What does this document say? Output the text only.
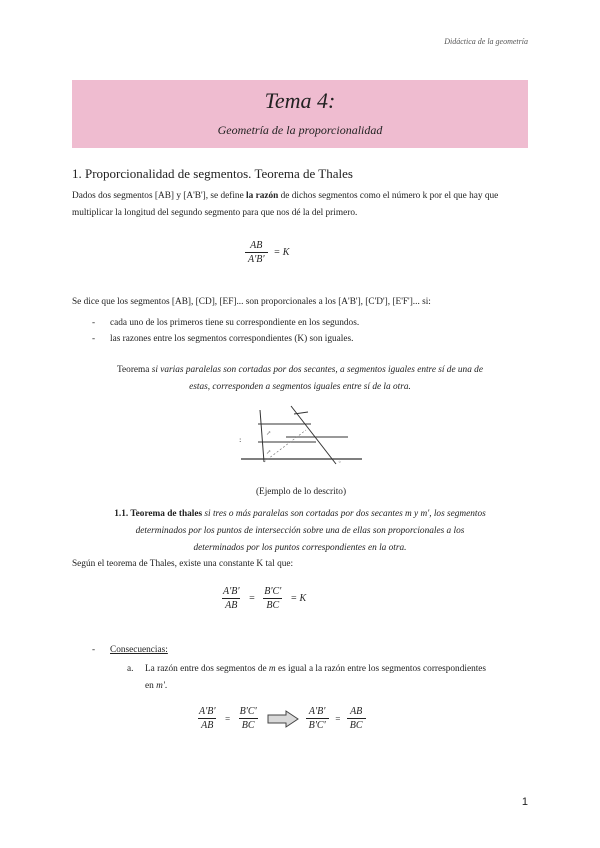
Didáctica de la geometría
Tema 4:
Geometría de la proporcionalidad
1. Proporcionalidad de segmentos. Teorema de Thales
Dados dos segmentos [AB] y [A'B'], se define la razón de dichos segmentos como el número k por el que hay que multiplicar la longitud del segundo segmento para que nos dé la del primero.
$\frac{AB}{A'B'} = K$
Se dice que los segmentos [AB], [CD], [EF]... son proporcionales a los [A'B'], [C'D'], [E'F']... si:
-	cada uno de los primeros tiene su correspondiente en los segundos.
-	las razones entre los segmentos correspondientes (K) son iguales.
Teorema si varias paralelas son cortadas por dos secantes, a segmentos iguales entre sí de una de
estas, corresponden a segmentos iguales entre sí de la otra.
:
↗
↗
◦
(Ejemplo de lo descrito)
1.1. Teorema de thales si tres o más paralelas son cortadas por dos secantes m y m', los segmentos
determinados por los puntos de intersección sobre una de ellas son proporcionales a los
determinados por los puntos correspondientes en la otra.
Según el teorema de Thales, existe una constante K tal que:
$\frac{A'B'}{AB} = \frac{B'C'}{BC} = K$
-	Consecuencias:
a.	La razón entre dos segmentos de m es igual a la razón entre los segmentos correspondientes
en m'.
$\frac{A'B'}{AB} = \frac{B'C'}{BC}$	$\frac{A'B'}{B'C'} = \frac{AB}{BC}$
1
